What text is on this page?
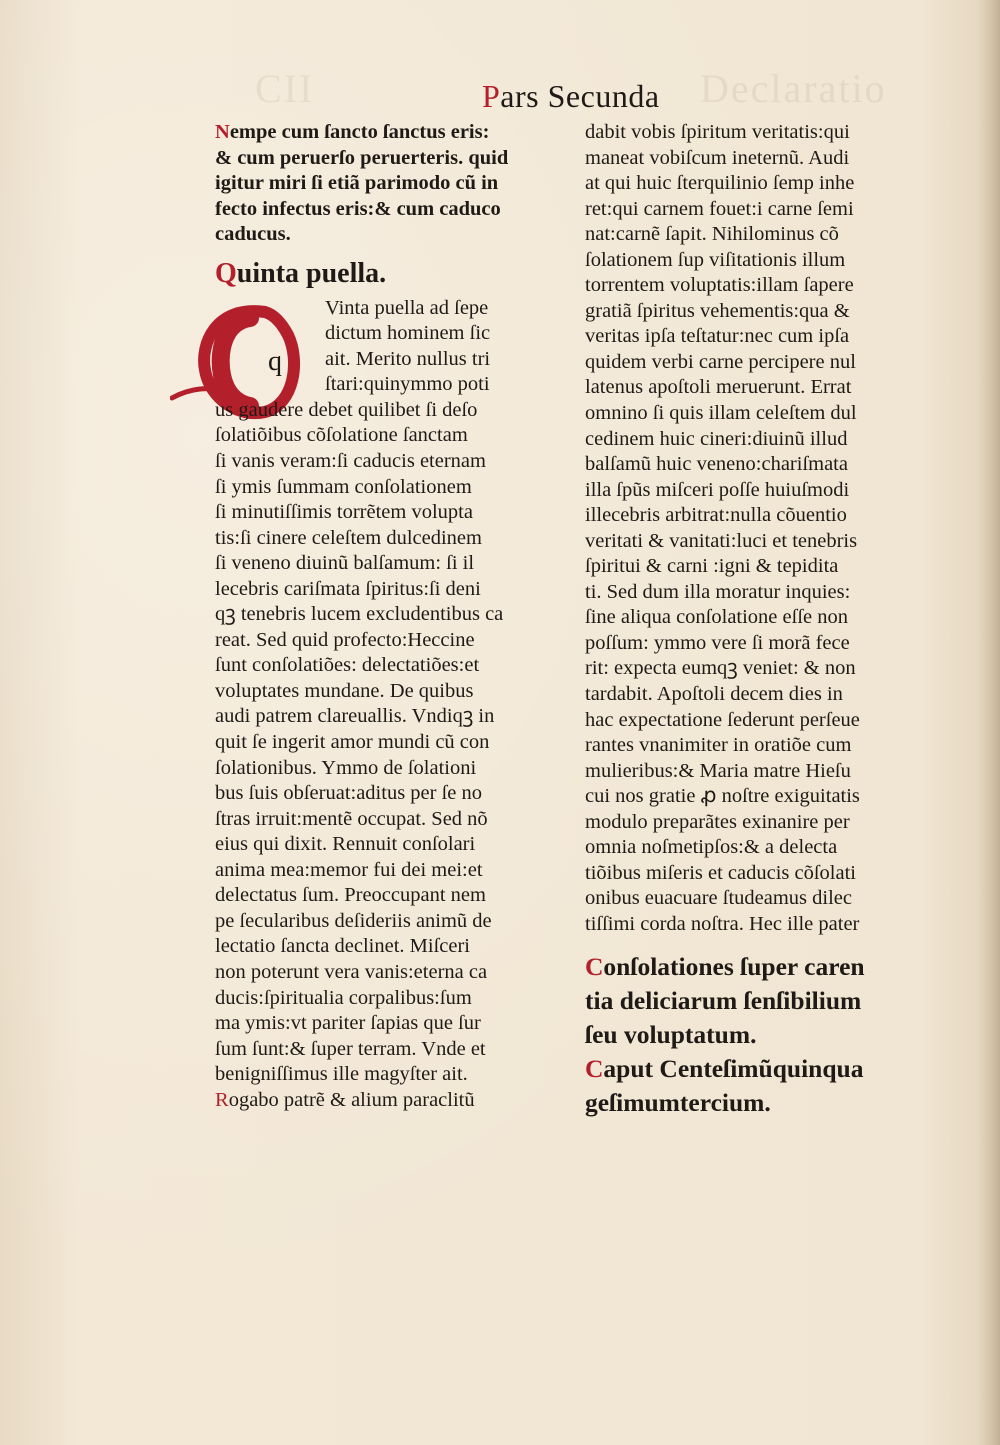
CII	Declaratio
Pars Secunda
q
Nempe cum ſancto ſanctus eris:
& cum peruerſo peruerteris. quid
igitur miri ſi etiã parimodo cũ in
fecto infectus eris:& cum caduco
caducus.
Quinta puella.
Vinta puella ad ſepe
dictum hominem ſic
ait. Merito nullus tri
ſtari:quinymmo poti
us gaudere debet quilibet ſi deſo
ſolatiõibus cõſolatione ſanctam
ſi vanis veram:ſi caducis eternam
ſi ymis ſummam conſolationem
ſi minutiſſimis torrẽtem volupta
tis:ſi cinere celeſtem dulcedinem
ſi veneno diuinũ balſamum: ſi il
lecebris cariſmata ſpiritus:ſi deni
qꝫ tenebris lucem excludentibus ca
reat. Sed quid profecto:Heccine
ſunt conſolatiões: delectatiões:et
voluptates mundane. De quibus
audi patrem clareuallis. Vndiqꝫ in
quit ſe ingerit amor mundi cũ con
ſolationibus. Ymmo de ſolationi
bus ſuis obſeruat:aditus per ſe no
ſtras irruit:mentẽ occupat. Sed nõ
eius qui dixit. Rennuit conſolari
anima mea:memor fui dei mei:et
delectatus ſum. Preoccupant nem
pe ſecularibus deſideriis animũ de
lectatio ſancta declinet. Miſceri
non poterunt vera vanis:eterna ca
ducis:ſpiritualia corpalibus:ſum
ma ymis:vt pariter ſapias que ſur
ſum ſunt:& ſuper terram. Vnde et
benigniſſimus ille magyſter ait.
Rogabo patrẽ & alium paraclitũ
dabit vobis ſpiritum veritatis:qui
maneat vobiſcum ineternũ. Audi
at qui huic ſterquilinio ſemp inhe
ret:qui carnem fouet:i carne ſemi
nat:carnẽ ſapit. Nihilominus cõ
ſolationem ſup viſitationis illum
torrentem voluptatis:illam ſapere
gratiã ſpiritus vehementis:qua &
veritas ipſa teſtatur:nec cum ipſa
quidem verbi carne percipere nul
latenus apoſtoli meruerunt. Errat
omnino ſi quis illam celeſtem dul
cedinem huic cineri:diuinũ illud
balſamũ huic veneno:chariſmata
illa ſpũs miſceri poſſe huiuſmodi
illecebris arbitrat:nulla cõuentio
veritati & vanitati:luci et tenebris
ſpiritui & carni :igni & tepidita
ti. Sed dum illa moratur inquies:
ſine aliqua conſolatione eſſe non
poſſum: ymmo vere ſi morã fece
rit: expecta eumqꝫ veniet: & non
tardabit. Apoſtoli decem dies in
hac expectatione ſederunt perſeue
rantes vnanimiter in oratiõe cum
mulieribus:& Maria matre Hieſu
cui nos gratie ꝓ noſtre exiguitatis
modulo preparãtes exinanire per
omnia noſmetipſos:& a delecta
tiõibus miſeris et caducis cõſolati
onibus euacuare ſtudeamus dilec
tiſſimi corda noſtra. Hec ille pater
Conſolationes ſuper caren
tia deliciarum ſenſibilium
ſeu voluptatum.
Caput Centeſimũquinqua
geſimumtercium.
